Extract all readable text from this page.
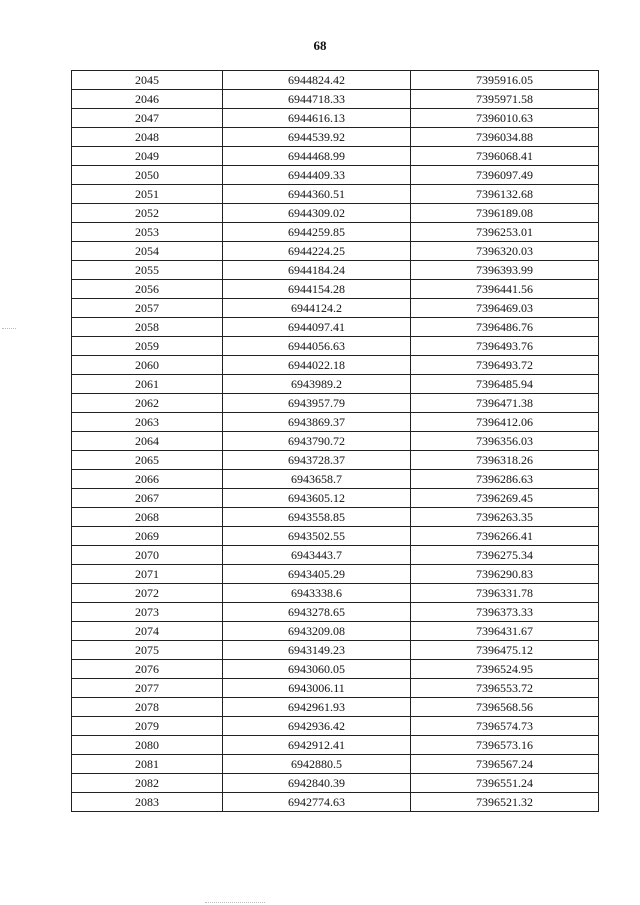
68
2045	6944824.42	7395916.05
2046	6944718.33	7395971.58
2047	6944616.13	7396010.63
2048	6944539.92	7396034.88
2049	6944468.99	7396068.41
2050	6944409.33	7396097.49
2051	6944360.51	7396132.68
2052	6944309.02	7396189.08
2053	6944259.85	7396253.01
2054	6944224.25	7396320.03
2055	6944184.24	7396393.99
2056	6944154.28	7396441.56
2057	6944124.2	7396469.03
2058	6944097.41	7396486.76
2059	6944056.63	7396493.76
2060	6944022.18	7396493.72
2061	6943989.2	7396485.94
2062	6943957.79	7396471.38
2063	6943869.37	7396412.06
2064	6943790.72	7396356.03
2065	6943728.37	7396318.26
2066	6943658.7	7396286.63
2067	6943605.12	7396269.45
2068	6943558.85	7396263.35
2069	6943502.55	7396266.41
2070	6943443.7	7396275.34
2071	6943405.29	7396290.83
2072	6943338.6	7396331.78
2073	6943278.65	7396373.33
2074	6943209.08	7396431.67
2075	6943149.23	7396475.12
2076	6943060.05	7396524.95
2077	6943006.11	7396553.72
2078	6942961.93	7396568.56
2079	6942936.42	7396574.73
2080	6942912.41	7396573.16
2081	6942880.5	7396567.24
2082	6942840.39	7396551.24
2083	6942774.63	7396521.32
